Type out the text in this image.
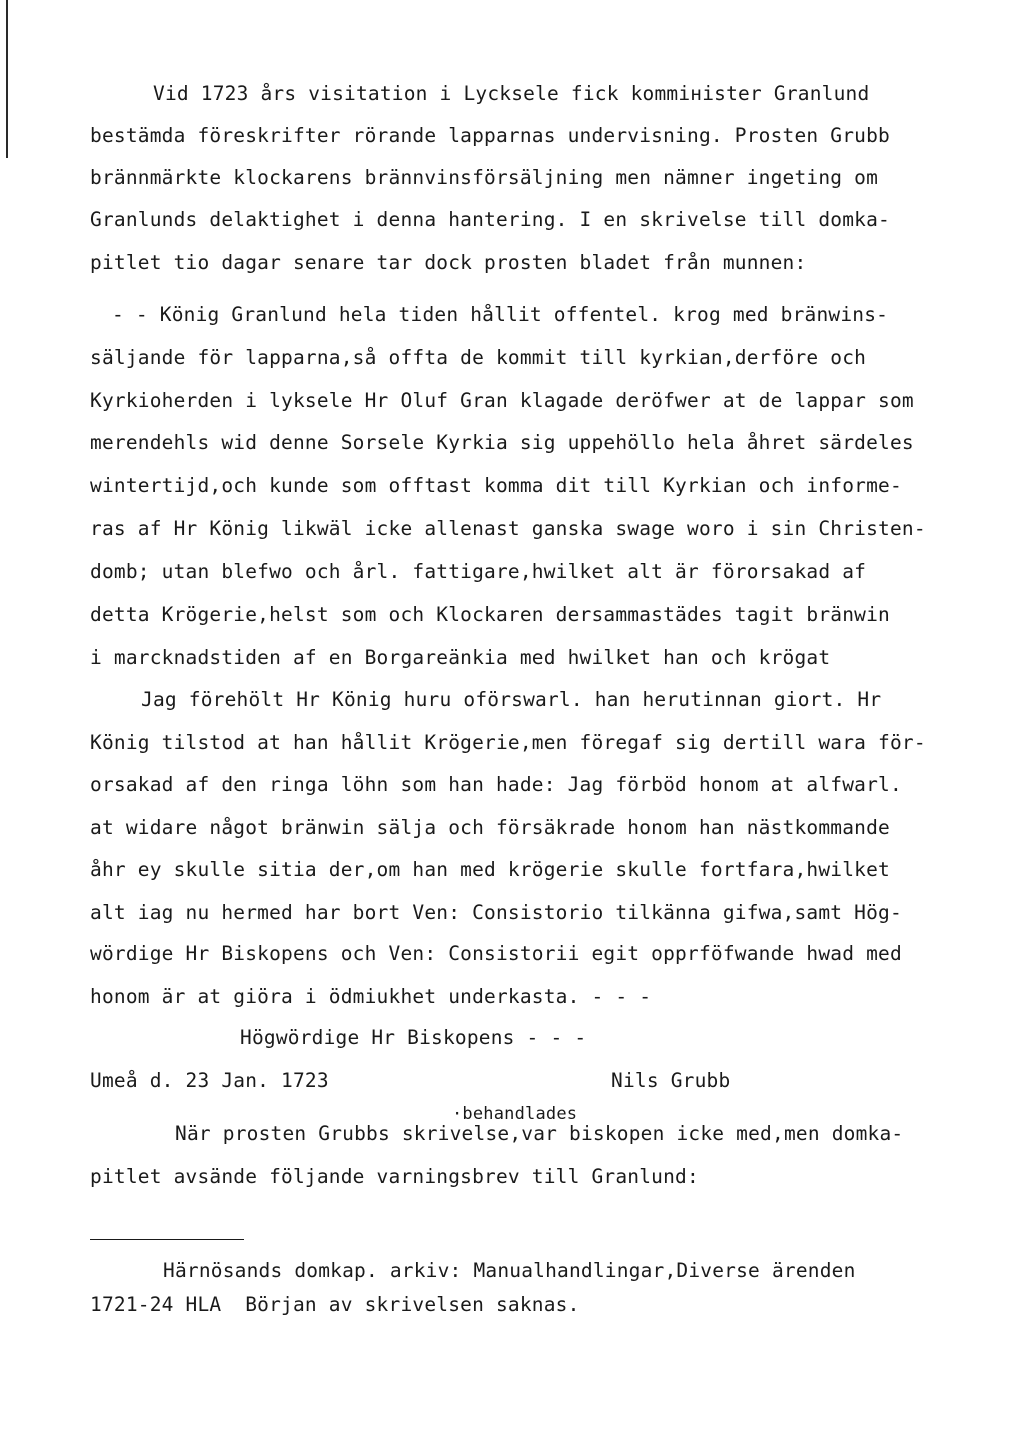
Vid 1723 års visitation i Lycksele fick kommінister Granlund
bestämda föreskrifter rörande lapparnas undervisning. Prosten Grubb
brännmärkte klockarens brännvinsförsäljning men nämner ingeting om
Granlunds delaktighet i denna hantering. I en skrivelse till domka-
pitlet tio dagar senare tar dock prosten bladet från munnen:
- - König Granlund hela tiden hållit offentel. krog med bränwins-
säljande för lapparna,så offta de kommit till kyrkian,derföre och
Kyrkioherden i lyksele Hr Oluf Gran klagade deröfwer at de lappar som
merendehls wid denne Sorsele Kyrkia sig uppehöllo hela åhret särdeles
wintertijd,och kunde som offtast komma dit till Kyrkian och informe-
ras af Hr König likwäl icke allenast ganska swage woro i sin Christen-
domb; utan blefwo och årl. fattigare,hwilket alt är förorsakad af
detta Krögerie,helst som och Klockaren dersammastädes tagit bränwin
i marcknadstiden af en Borgareänkia med hwilket han och krögat
Jag förehölt Hr König huru oförswarl. han herutinnan giort. Hr
König tilstod at han hållit Krögerie,men föregaf sig dertill wara för-
orsakad af den ringa löhn som han hade: Jag förböd honom at alfwarl.
at widare något bränwin sälja och försäkrade honom han nästkommande
åhr ey skulle sitia der,om han med krögerie skulle fortfara,hwilket
alt iag nu hermed har bort Ven: Consistorio tilkänna gifwa,samt Hög-
wördige Hr Biskopens och Ven: Consistorii egit opprföfwande hwad med
honom är at giöra i ödmiukhet underkasta. - - -
Högwördige Hr Biskopens - - -
Umeå d. 23 Jan. 1723	Nils Grubb
·behandlades
När prosten Grubbs skrivelse,var biskopen icke med,men domka-
pitlet avsände följande varningsbrev till Granlund:
Härnösands domkap. arkiv: Manualhandlingar,Diverse ärenden
1721-24 HLA  Början av skrivelsen saknas.
